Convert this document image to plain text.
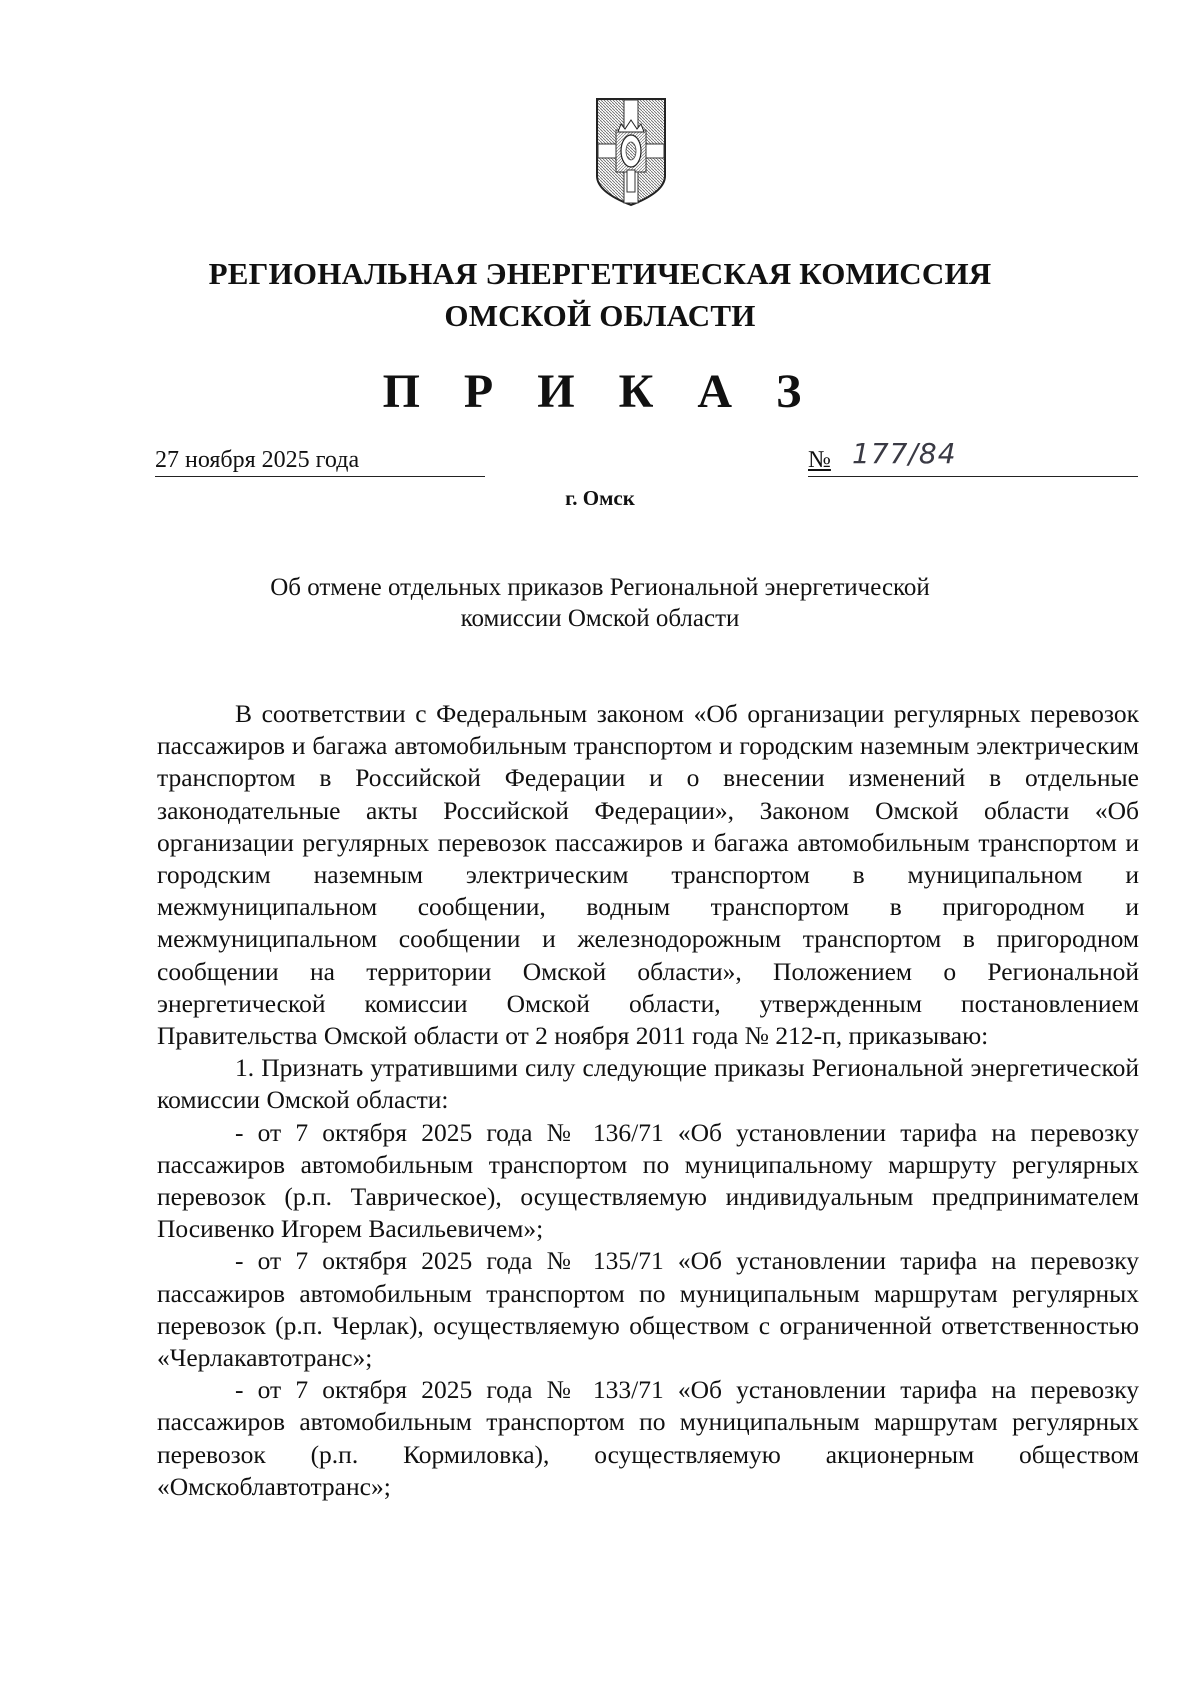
РЕГИОНАЛЬНАЯ ЭНЕРГЕТИЧЕСКАЯ КОМИССИЯ
ОМСКОЙ ОБЛАСТИ
П Р И К А З
27 ноября 2025 года	№ 177/84
г. Омск
Об отмене отдельных приказов Региональной энергетической
комиссии Омской области

В соответствии с Федеральным законом «Об организации регулярных перевозок пассажиров и багажа автомобильным транспортом и городским наземным электрическим транспортом в Российской Федерации и о внесении изменений в отдельные законодательные акты Российской Федерации», Законом Омской области «Об организации регулярных перевозок пассажиров и багажа автомобильным транспортом и городским наземным электрическим транспортом в муниципальном и межмуниципальном сообщении, водным транспортом в пригородном и межмуниципальном сообщении и железнодорожным транспортом в пригородном сообщении на территории Омской области», Положением о Региональной энергетической комиссии Омской области, утвержденным постановлением Правительства Омской области от 2 ноября 2011 года № 212-п, приказываю:

1. Признать утратившими силу следующие приказы Региональной энергетической комиссии Омской области:

- от 7 октября 2025 года № 136/71 «Об установлении тарифа на перевозку пассажиров автомобильным транспортом по муниципальному маршруту регулярных перевозок (р.п. Таврическое), осуществляемую индивидуальным предпринимателем Посивенко Игорем Васильевичем»;

- от 7 октября 2025 года № 135/71 «Об установлении тарифа на перевозку пассажиров автомобильным транспортом по муниципальным маршрутам регулярных перевозок (р.п. Черлак), осуществляемую обществом с ограниченной ответственностью «Черлакавтотранс»;

- от 7 октября 2025 года № 133/71 «Об установлении тарифа на перевозку пассажиров автомобильным транспортом по муниципальным маршрутам регулярных перевозок (р.п. Кормиловка), осуществляемую акционерным обществом «Омскоблавтотранс»;
